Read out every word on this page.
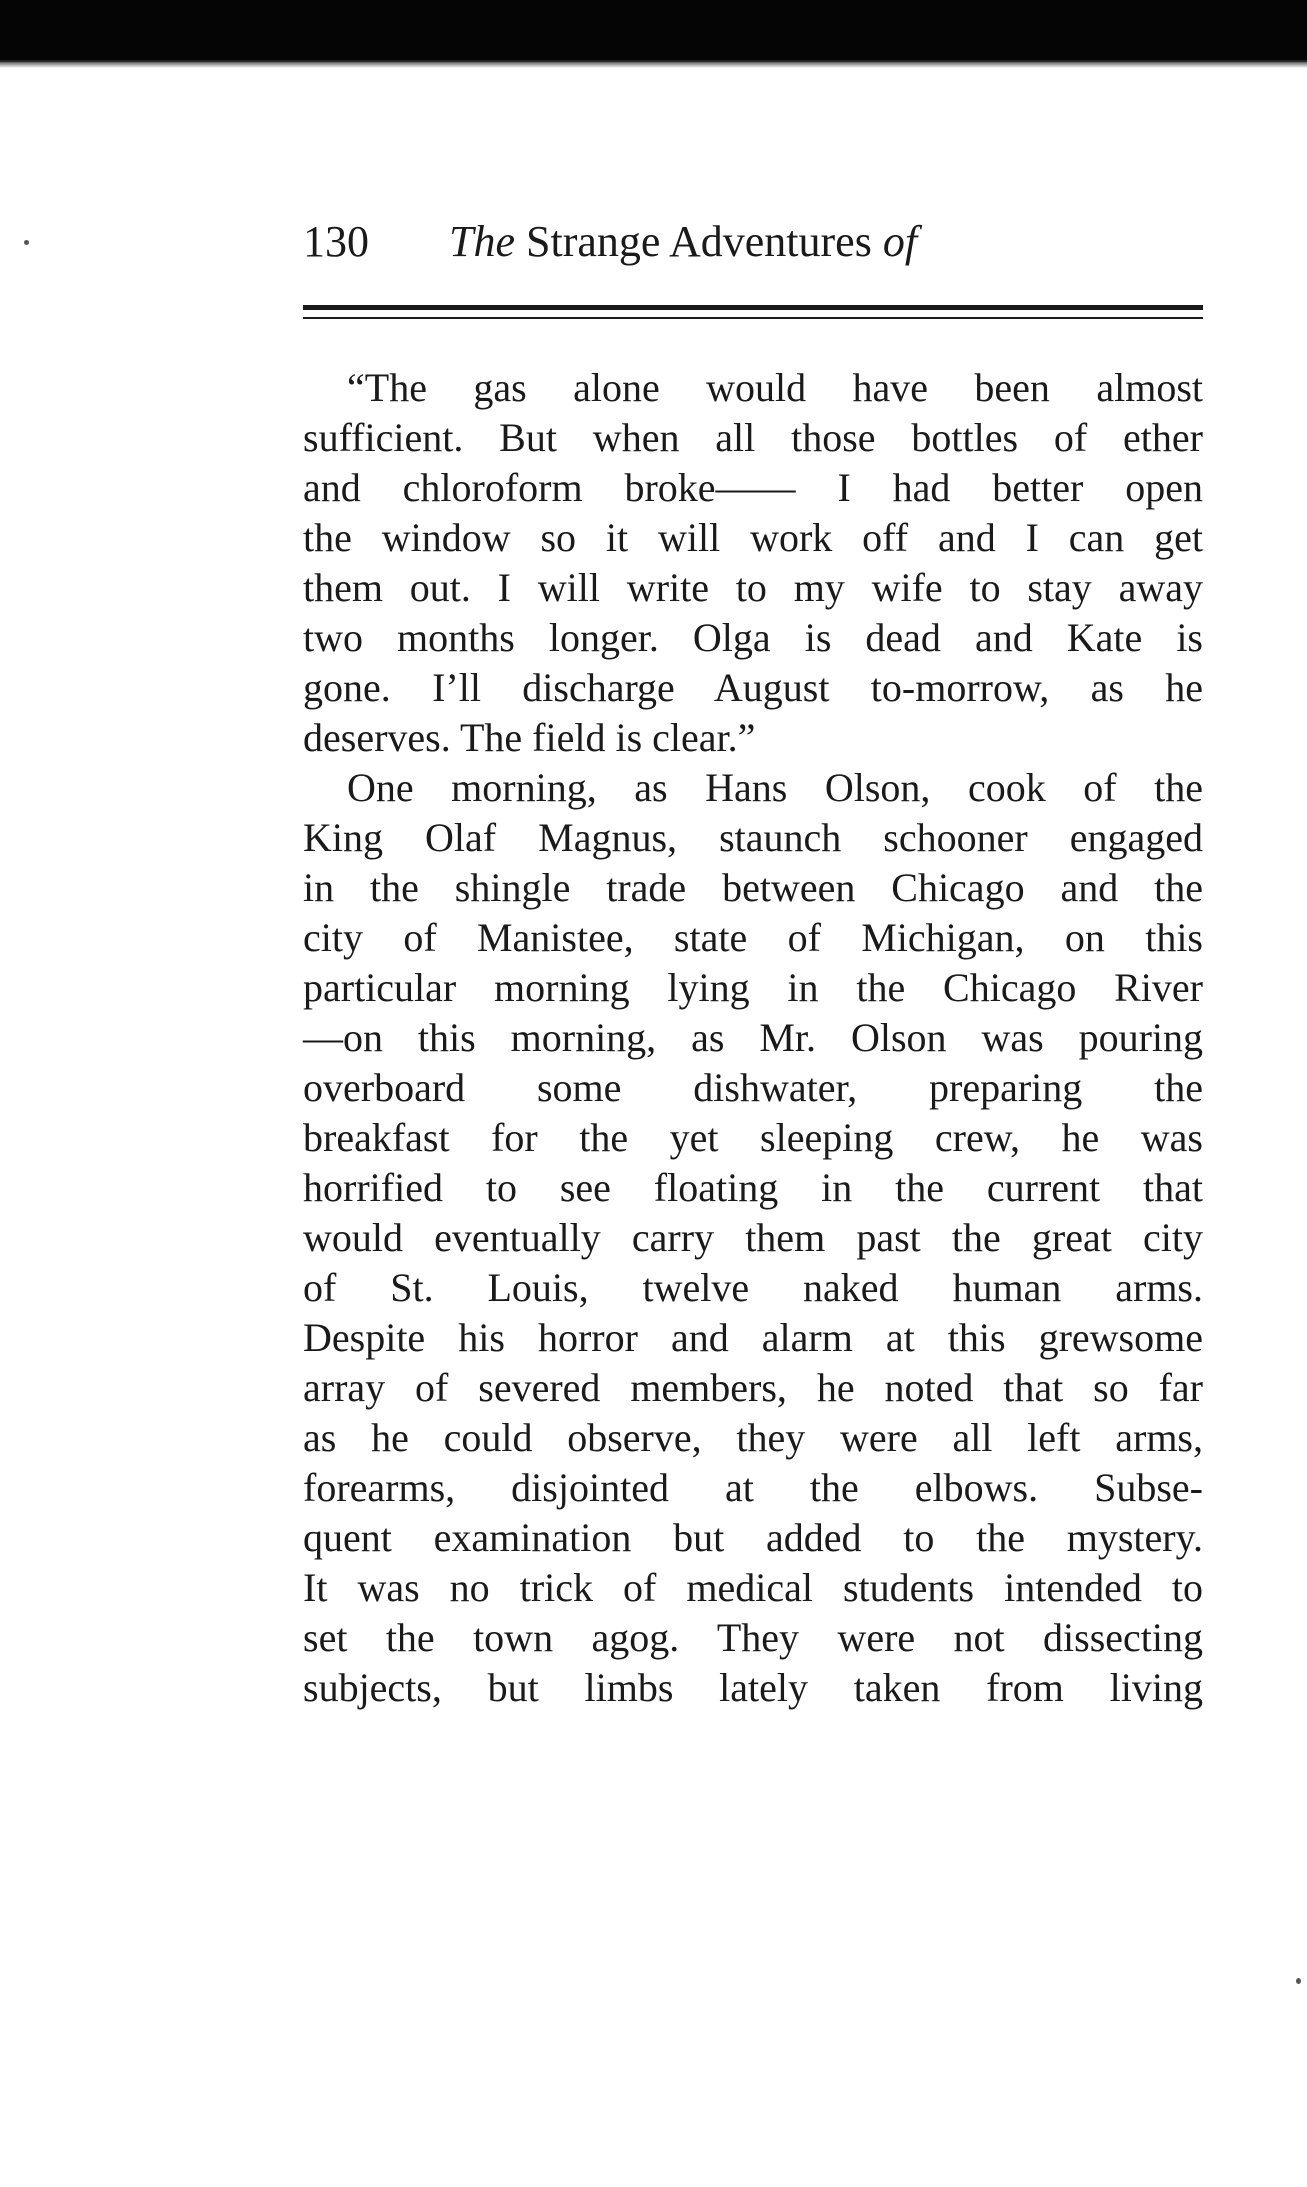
130 The Strange Adventures of
“The gas alone would have been almost
sufficient. But when all those bottles of ether
and chloroform broke—— I had better open
the window so it will work off and I can get
them out. I will write to my wife to stay away
two months longer. Olga is dead and Kate is
gone. I’ll discharge August to-morrow, as he
deserves. The field is clear.”
One morning, as Hans Olson, cook of the
King Olaf Magnus, staunch schooner engaged
in the shingle trade between Chicago and the
city of Manistee, state of Michigan, on this
particular morning lying in the Chicago River
—on this morning, as Mr. Olson was pouring
overboard some dishwater, preparing the
breakfast for the yet sleeping crew, he was
horrified to see floating in the current that
would eventually carry them past the great city
of St. Louis, twelve naked human arms.
Despite his horror and alarm at this grewsome
array of severed members, he noted that so far
as he could observe, they were all left arms,
forearms, disjointed at the elbows. Subse-
quent examination but added to the mystery.
It was no trick of medical students intended to
set the town agog. They were not dissecting
subjects, but limbs lately taken from living
